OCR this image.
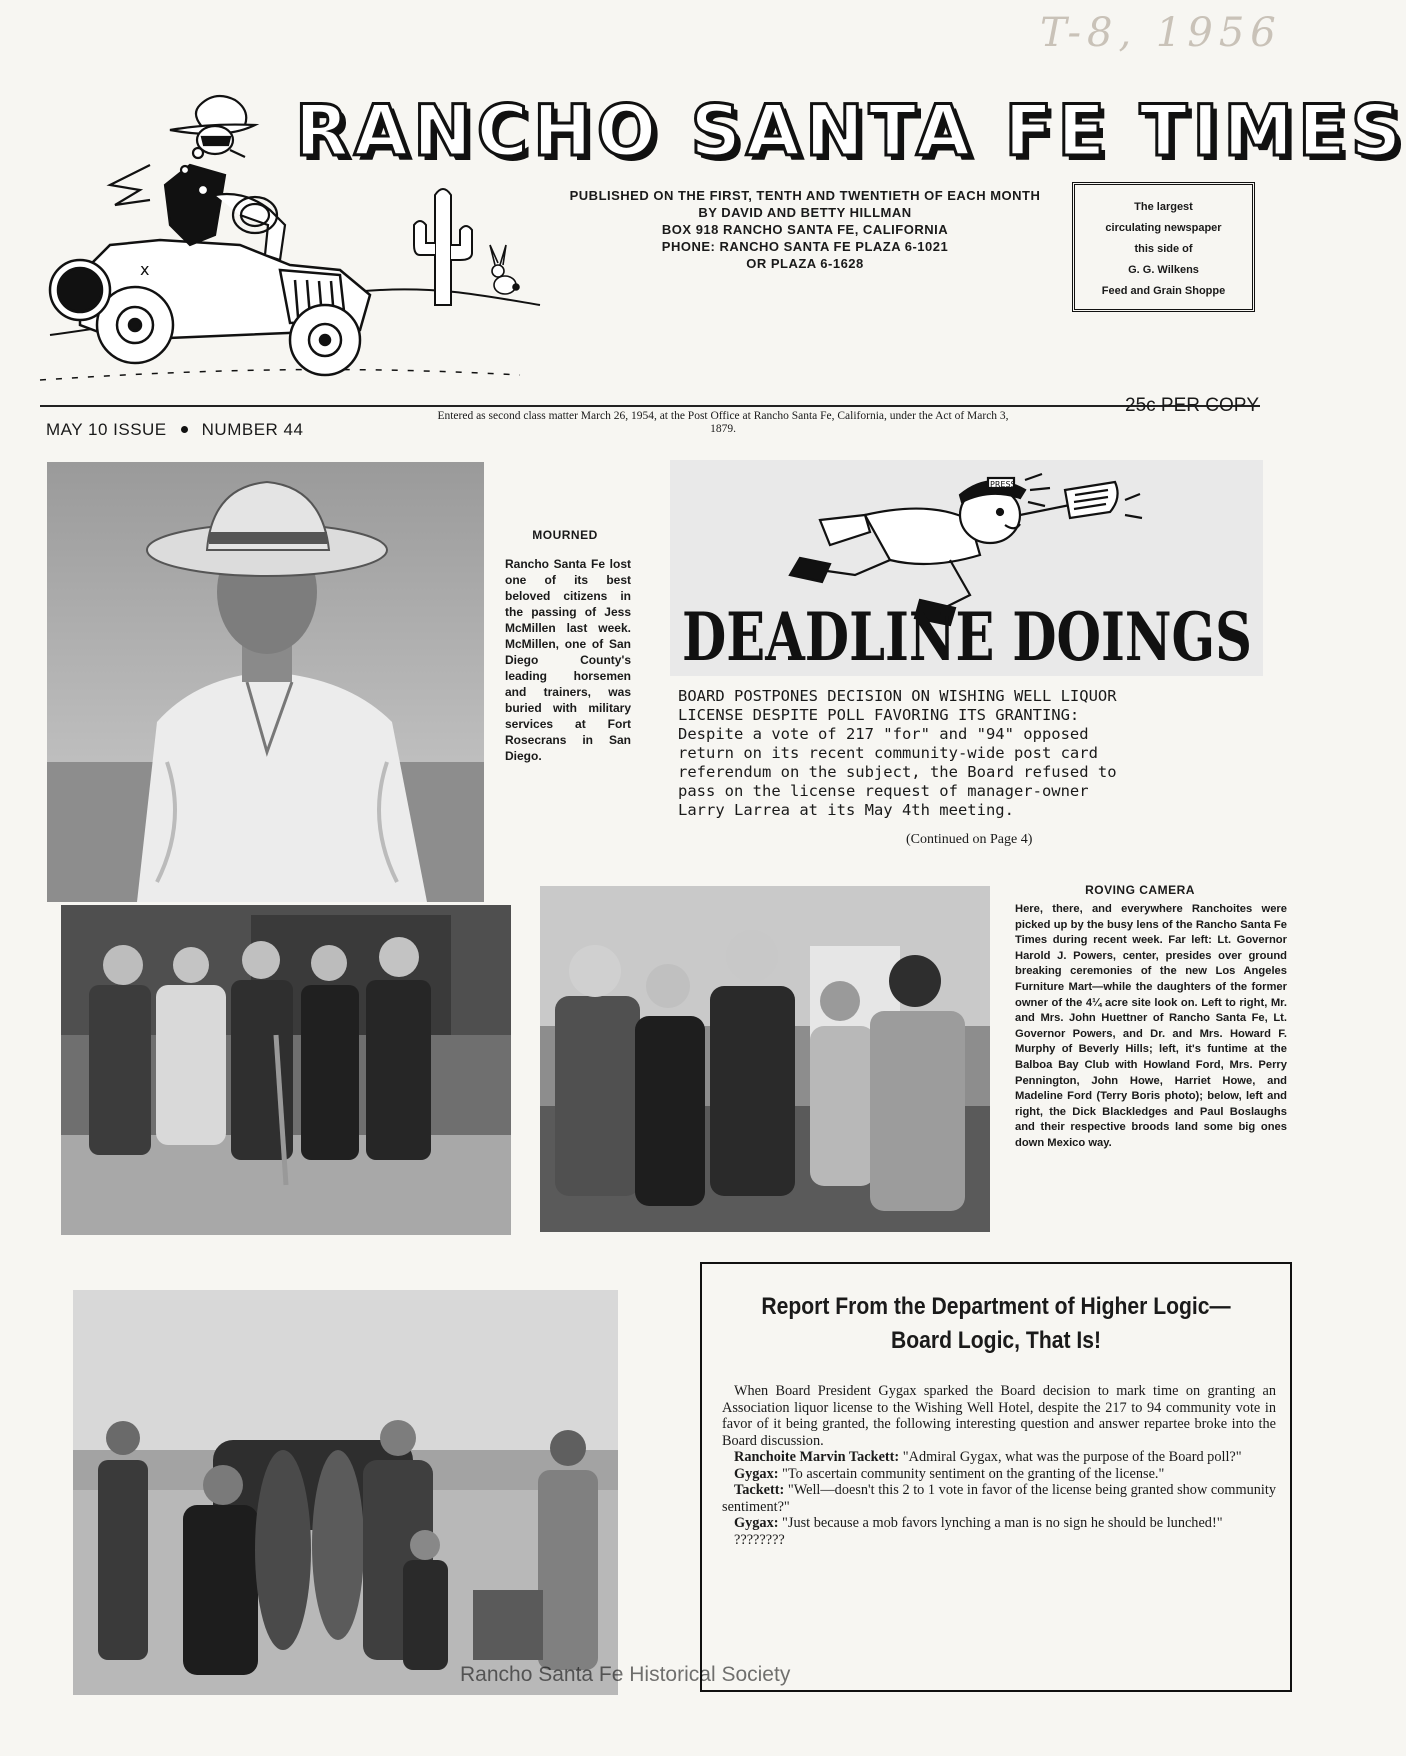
T-8, 1956
x
RANCHO SANTA FE TIMES
PUBLISHED ON THE FIRST, TENTH AND TWENTIETH OF EACH MONTH
BY DAVID AND BETTY HILLMAN
BOX 918 RANCHO SANTA FE, CALIFORNIA
PHONE: RANCHO SANTA FE PLAZA 6-1021
OR PLAZA 6-1628
The largest
circulating newspaper
this side of
G. G. Wilkens
Feed and Grain Shoppe
MAY 10 ISSUE NUMBER 44
Entered as second class matter March 26, 1954, at the Post Office at Rancho Santa Fe, California, under the Act of March 3, 1879.
25c PER COPY
MOURNED
Rancho Santa Fe lost one of its best beloved citizens in the passing of Jess McMillen last week. McMillen, one of San Diego County's leading horsemen and trainers, was buried with military services at Fort Rosecrans in San Diego.
PRESS
DEADLINE DOINGS
BOARD POSTPONES DECISION ON WISHING WELL LIQUOR
LICENSE DESPITE POLL FAVORING ITS GRANTING:
Despite a vote of 217 "for" and "94" opposed
return on its recent community-wide post card
referendum on the subject, the Board refused to
pass on the license request of manager-owner
Larry Larrea at its May 4th meeting.
(Continued on Page 4)
ROVING CAMERA
Here, there, and everywhere Ranchoites were picked up by the busy lens of the Rancho Santa Fe Times during recent week. Far left: Lt. Governor Harold J. Powers, center, presides over ground breaking ceremonies of the new Los Angeles Furniture Mart—while the daughters of the former owner of the 4¼ acre site look on. Left to right, Mr. and Mrs. John Huettner of Rancho Santa Fe, Lt. Governor Powers, and Dr. and Mrs. Howard F. Murphy of Beverly Hills; left, it's funtime at the Balboa Bay Club with Howland Ford, Mrs. Perry Pennington, John Howe, Harriet Howe, and Madeline Ford (Terry Boris photo); below, left and right, the Dick Blackledges and Paul Boslaughs and their respective broods land some big ones down Mexico way.
Report From the Department of Higher Logic—
Board Logic, That Is!

When Board President Gygax sparked the Board decision to mark time on granting an Association liquor license to the Wishing Well Hotel, despite the 217 to 94 community vote in favor of it being granted, the following interesting question and answer repartee broke into the Board discussion.

Ranchoite Marvin Tackett: "Admiral Gygax, what was the purpose of the Board poll?"

Gygax: "To ascertain community sentiment on the granting of the license."

Tackett: "Well—doesn't this 2 to 1 vote in favor of the license being granted show community sentiment?"

Gygax: "Just because a mob favors lynching a man is no sign he should be lunched!"

????????

Rancho Santa Fe Historical Society
